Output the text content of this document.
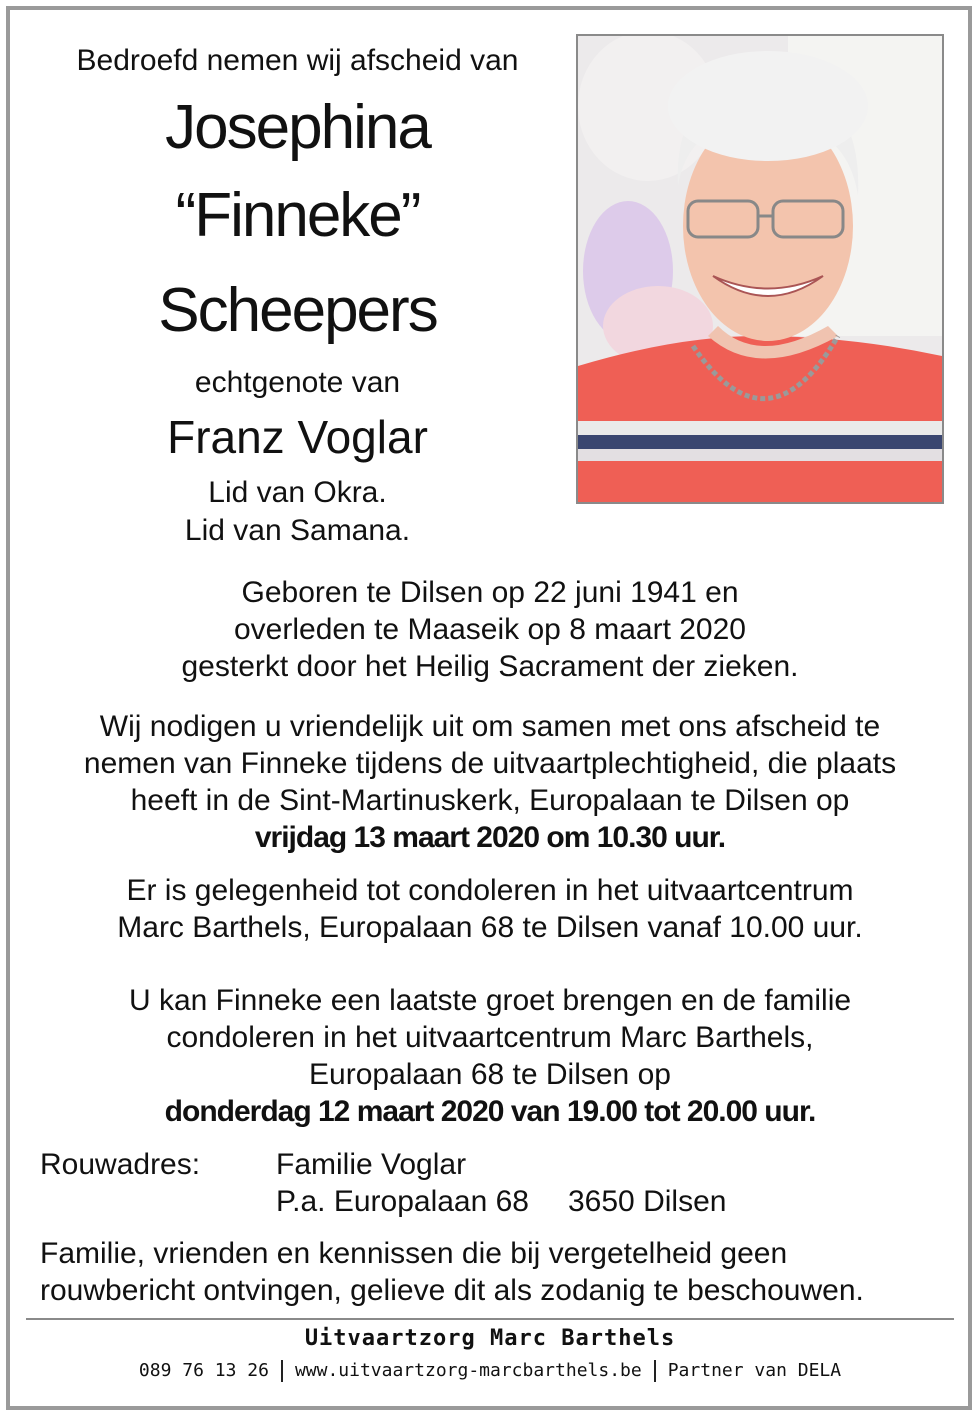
Bedroefd nemen wij afscheid van
Josephina
“Finneke”
Scheepers
echtgenote van
Franz Voglar
Lid van Okra.
Lid van Samana.
Geboren te Dilsen op 22 juni 1941 en
overleden te Maaseik op 8 maart 2020
gesterkt door het Heilig Sacrament der zieken.
Wij nodigen u vriendelijk uit om samen met ons afscheid te
nemen van Finneke tijdens de uitvaartplechtigheid, die plaats
heeft in de Sint-Martinuskerk, Europalaan te Dilsen op
vrijdag 13 maart 2020 om 10.30 uur.
Er is gelegenheid tot condoleren in het uitvaartcentrum
Marc Barthels, Europalaan 68 te Dilsen vanaf 10.00 uur.
U kan Finneke een laatste groet brengen en de familie
condoleren in het uitvaartcentrum Marc Barthels,
Europalaan 68 te Dilsen op
donderdag 12 maart 2020 van 19.00 tot 20.00 uur.
Rouwadres:	Familie Voglar
P.a. Europalaan 68 3650 Dilsen
Familie, vrienden en kennissen die bij vergetelheid geen
rouwbericht ontvingen, gelieve dit als zodanig te beschouwen.
Uitvaartzorg Marc Barthels
089 76 13 26 www.uitvaartzorg-marcbarthels.be Partner van DELA
